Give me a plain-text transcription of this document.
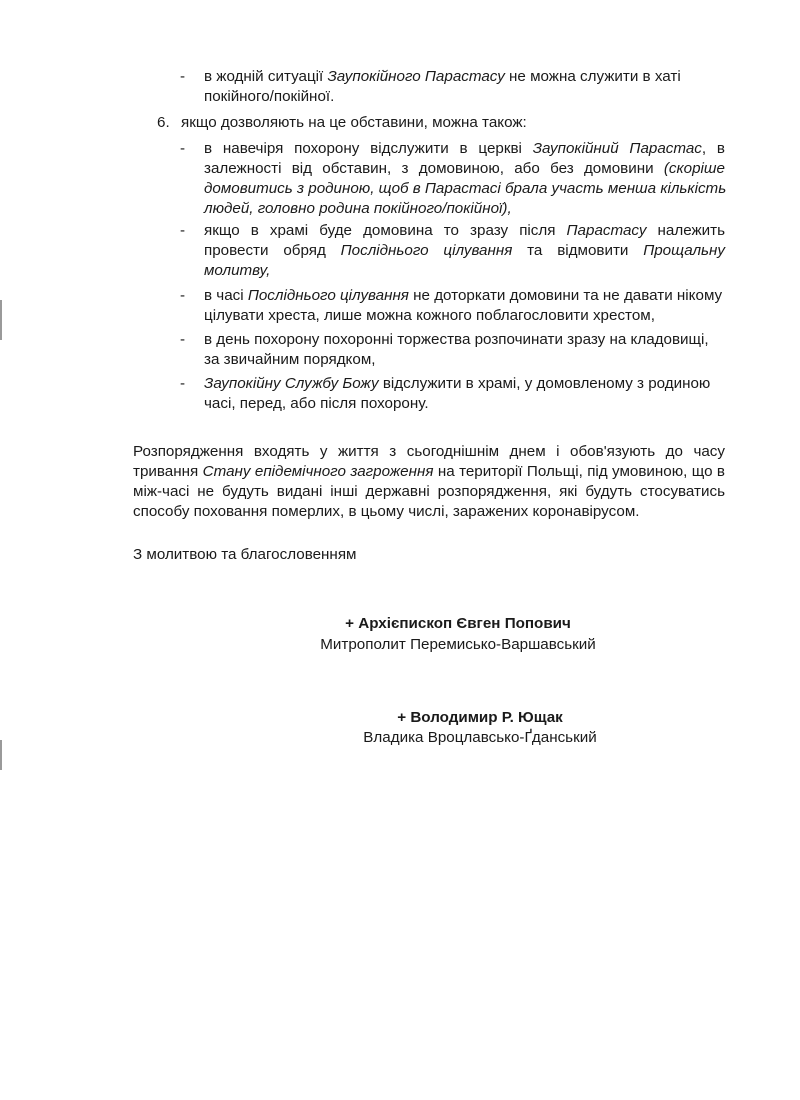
- в жодній ситуації Заупокійного Парастасу не можна служити в хаті
покійного/покійної.
6. якщо дозволяють на це обставини, можна також:
- в навечіря похорону відслужити в церкві Заупокійний Парастас, в
залежності від обставин, з домовиною, або без домовини (скоріше
домовитись з родиною, щоб в Парастасі брала участь менша кількість
людей, головно родина покійного/покійної),
- якщо в храмі буде домовина то зразу після Парастасу належить
провести обряд Посліднього цілування та відмовити Прощальну
молитву,
- в часі Посліднього цілування не доторкати домовини та не давати нікому
цілувати хреста, лише можна кожного поблагословити хрестом,
- в день похорону похоронні торжества розпочинати зразу на кладовищі,
за звичайним порядком,
- Заупокійну Службу Божу відслужити в храмі, у домовленому з родиною
часі, перед, або після похорону.
Розпорядження входять у життя з сьогоднішнім днем і обов'язують до часу
тривання Стану епідемічного загроження на території Польщі, під умовиною, що в
між-часі не будуть видані інші державні розпорядження, які будуть стосуватись
способу поховання померлих, в цьому числі, заражених коронавірусом.
З молитвою та благословенням
+ Архієпископ Євген Попович
Митрополит Перемисько-Варшавський
+ Володимир Р. Ющак
Владика Вроцлавсько-Ґданський
